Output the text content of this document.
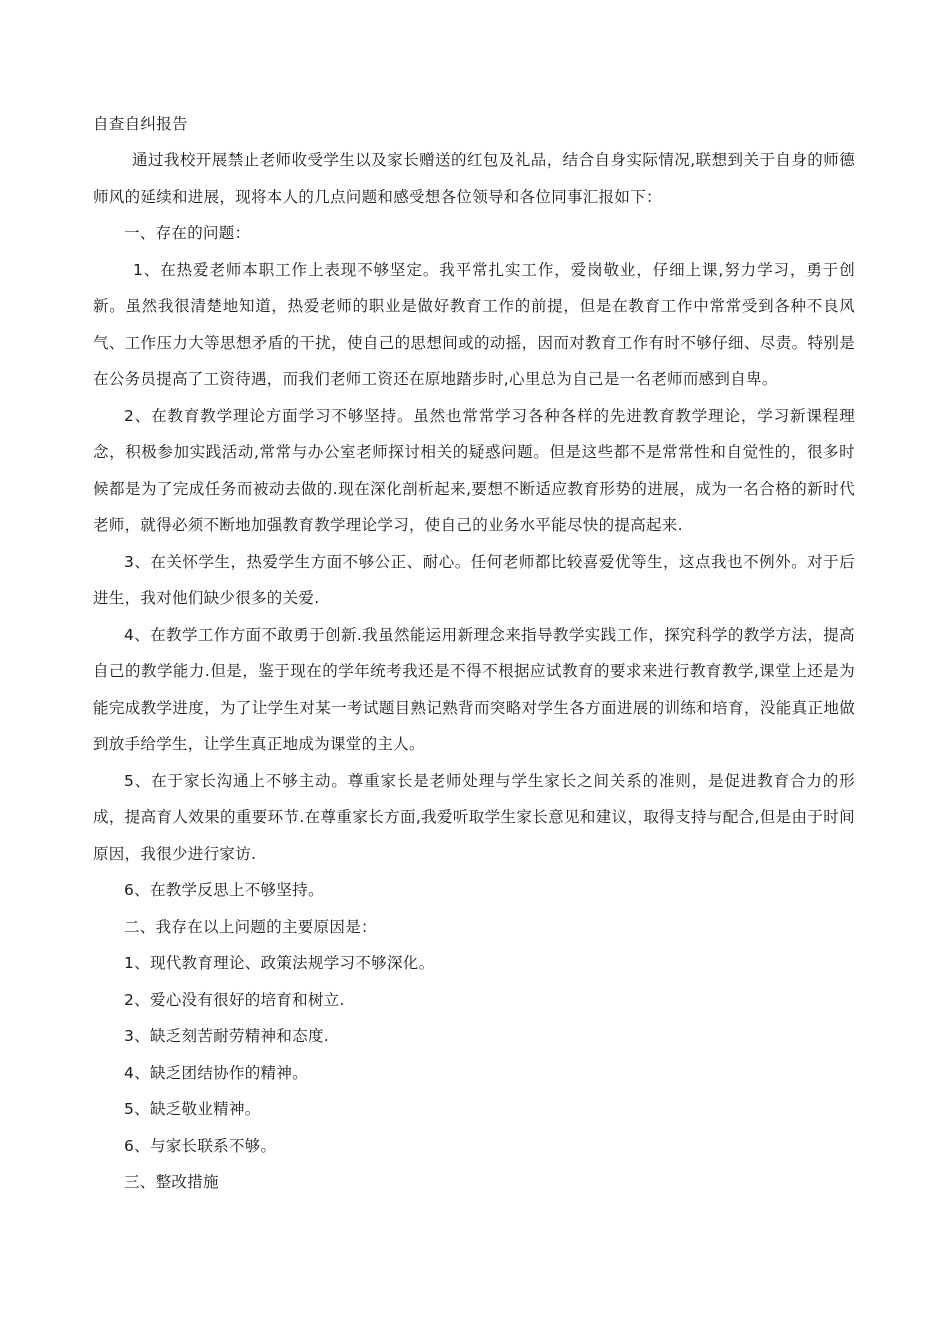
自查自纠报告

通过我校开展禁止老师收受学生以及家长赠送的红包及礼品，结合自身实际情况,联想到关于自身的师德师风的延续和进展，现将本人的几点问题和感受想各位领导和各位同事汇报如下：

一、存在的问题：

1、在热爱老师本职工作上表现不够坚定。我平常扎实工作，爱岗敬业，仔细上课,努力学习，勇于创新。虽然我很清楚地知道，热爱老师的职业是做好教育工作的前提，但是在教育工作中常常受到各种不良风气、工作压力大等思想矛盾的干扰，使自己的思想间或的动摇，因而对教育工作有时不够仔细、尽责。特别是在公务员提高了工资待遇，而我们老师工资还在原地踏步时,心里总为自己是一名老师而感到自卑。

2、在教育教学理论方面学习不够坚持。虽然也常常学习各种各样的先进教育教学理论，学习新课程理念，积极参加实践活动,常常与办公室老师探讨相关的疑惑问题。但是这些都不是常常性和自觉性的，很多时候都是为了完成任务而被动去做的.现在深化剖析起来,要想不断适应教育形势的进展，成为一名合格的新时代老师，就得必须不断地加强教育教学理论学习，使自己的业务水平能尽快的提高起来.

3、在关怀学生，热爱学生方面不够公正、耐心。任何老师都比较喜爱优等生，这点我也不例外。对于后进生，我对他们缺少很多的关爱.

4、在教学工作方面不敢勇于创新.我虽然能运用新理念来指导教学实践工作，探究科学的教学方法，提高自己的教学能力.但是，鉴于现在的学年统考我还是不得不根据应试教育的要求来进行教育教学,课堂上还是为能完成教学进度，为了让学生对某一考试题目熟记熟背而突略对学生各方面进展的训练和培育，没能真正地做到放手给学生，让学生真正地成为课堂的主人。

5、在于家长沟通上不够主动。尊重家长是老师处理与学生家长之间关系的准则，是促进教育合力的形成，提高育人效果的重要环节.在尊重家长方面,我爱听取学生家长意见和建议，取得支持与配合,但是由于时间原因，我很少进行家访.

6、在教学反思上不够坚持。

二、我存在以上问题的主要原因是：

1、现代教育理论、政策法规学习不够深化。

2、爱心没有很好的培育和树立.

3、缺乏刻苦耐劳精神和态度.

4、缺乏团结协作的精神。

5、缺乏敬业精神。

6、与家长联系不够。

三、整改措施
